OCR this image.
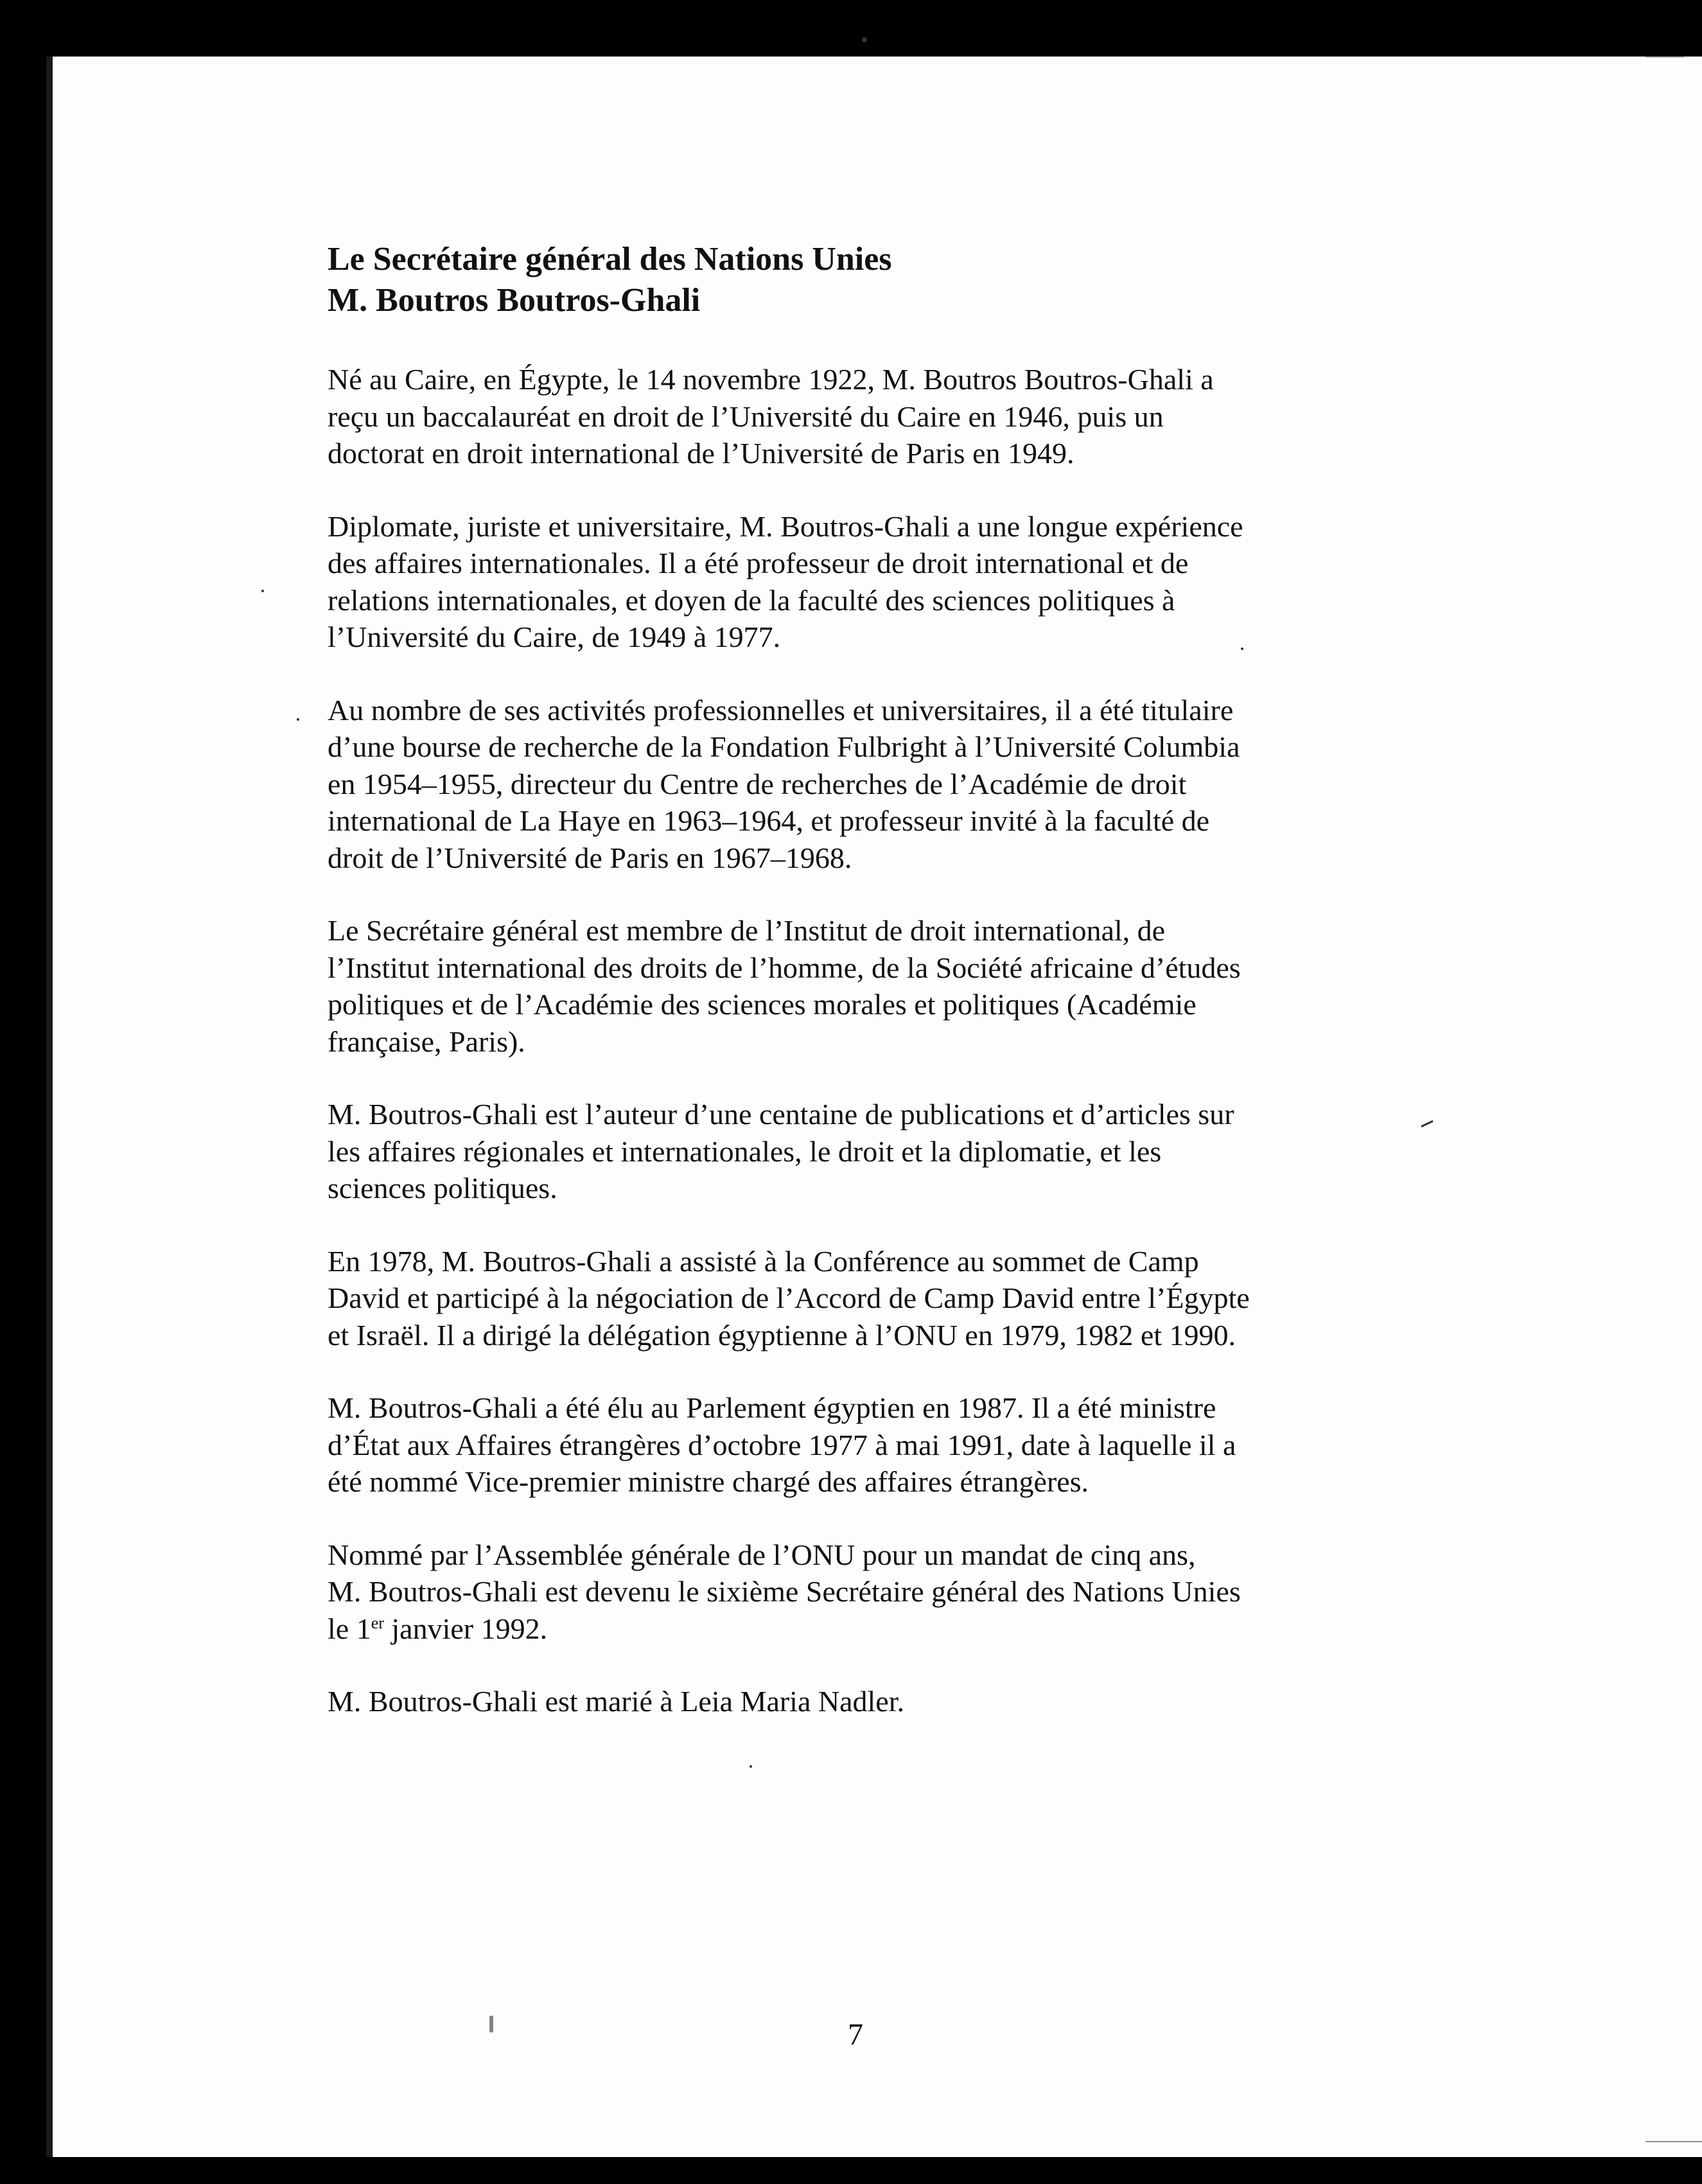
Le Secrétaire général des Nations Unies
M. Boutros Boutros-Ghali
Né au Caire, en Égypte, le 14 novembre 1922, M. Boutros Boutros-Ghali a
reçu un baccalauréat en droit de l’Université du Caire en 1946, puis un
doctorat en droit international de l’Université de Paris en 1949.
Diplomate, juriste et universitaire, M. Boutros-Ghali a une longue expérience
des affaires internationales. Il a été professeur de droit international et de
relations internationales, et doyen de la faculté des sciences politiques à
l’Université du Caire, de 1949 à 1977.
Au nombre de ses activités professionnelles et universitaires, il a été titulaire
d’une bourse de recherche de la Fondation Fulbright à l’Université Columbia
en 1954–1955, directeur du Centre de recherches de l’Académie de droit
international de La Haye en 1963–1964, et professeur invité à la faculté de
droit de l’Université de Paris en 1967–1968.
Le Secrétaire général est membre de l’Institut de droit international, de
l’Institut international des droits de l’homme, de la Société africaine d’études
politiques et de l’Académie des sciences morales et politiques (Académie
française, Paris).
M. Boutros-Ghali est l’auteur d’une centaine de publications et d’articles sur
les affaires régionales et internationales, le droit et la diplomatie, et les
sciences politiques.
En 1978, M. Boutros-Ghali a assisté à la Conférence au sommet de Camp
David et participé à la négociation de l’Accord de Camp David entre l’Égypte
et Israël. Il a dirigé la délégation égyptienne à l’ONU en 1979, 1982 et 1990.
M. Boutros-Ghali a été élu au Parlement égyptien en 1987. Il a été ministre
d’État aux Affaires étrangères d’octobre 1977 à mai 1991, date à laquelle il a
été nommé Vice-premier ministre chargé des affaires étrangères.
Nommé par l’Assemblée générale de l’ONU pour un mandat de cinq ans,
M. Boutros-Ghali est devenu le sixième Secrétaire général des Nations Unies
le 1er janvier 1992.
M. Boutros-Ghali est marié à Leia Maria Nadler.
7
